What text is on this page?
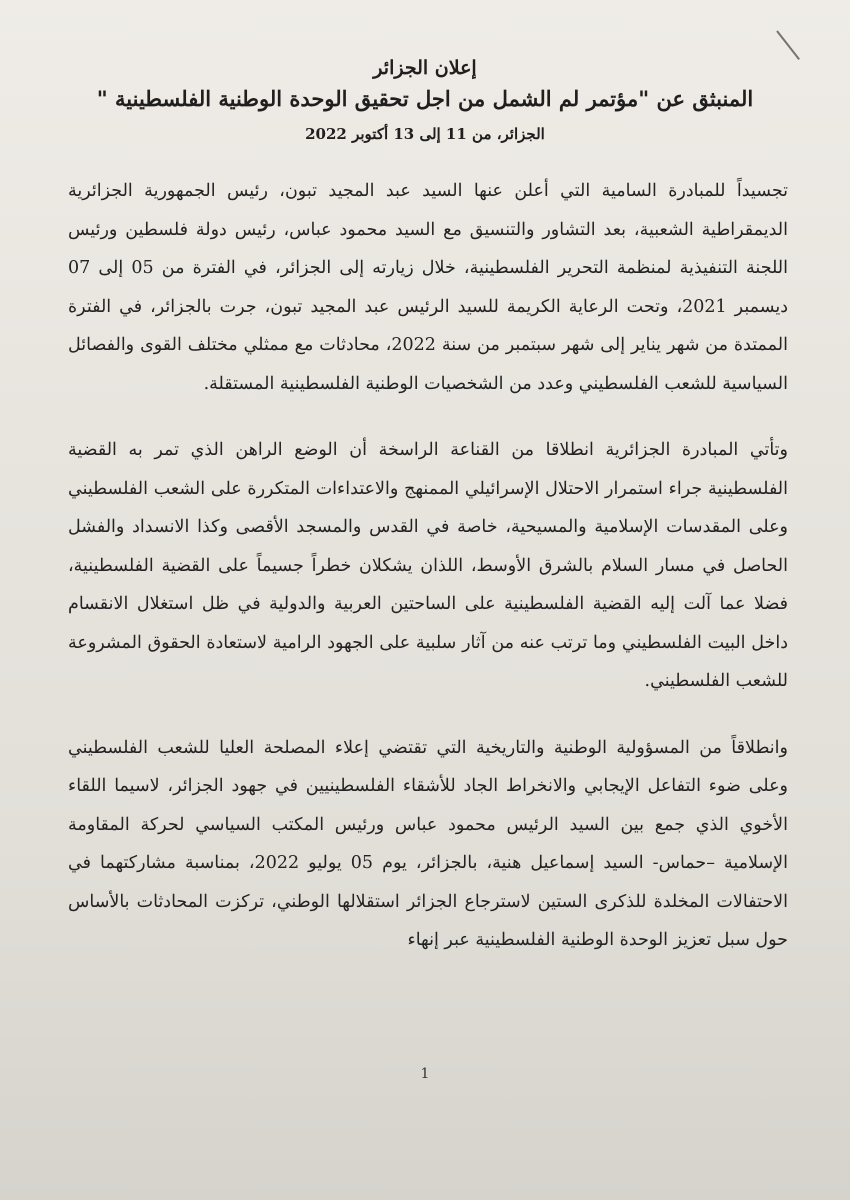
إعلان الجزائر

المنبثق عن "مؤتمر لم الشمل من اجل تحقيق الوحدة الوطنية الفلسطينية "

الجزائر، من 11 إلى 13 أكتوبر 2022

تجسيداً للمبادرة السامية التي أعلن عنها السيد عبد المجيد تبون، رئيس الجمهورية الجزائرية الديمقراطية الشعبية، بعد التشاور والتنسيق مع السيد محمود عباس، رئيس دولة فلسطين ورئيس اللجنة التنفيذية لمنظمة التحرير الفلسطينية، خلال زيارته إلى الجزائر، في الفترة من 05 إلى 07 ديسمبر 2021، وتحت الرعاية الكريمة للسيد الرئيس عبد المجيد تبون، جرت بالجزائر، في الفترة الممتدة من شهر يناير إلى شهر سبتمبر من سنة 2022، محادثات مع ممثلي مختلف القوى والفصائل السياسية للشعب الفلسطيني وعدد من الشخصيات الوطنية الفلسطينية المستقلة.

وتأتي المبادرة الجزائرية انطلاقا من القناعة الراسخة أن الوضع الراهن الذي تمر به القضية الفلسطينية جراء استمرار الاحتلال الإسرائيلي الممنهج والاعتداءات المتكررة على الشعب الفلسطيني وعلى المقدسات الإسلامية والمسيحية، خاصة في القدس والمسجد الأقصى وكذا الانسداد والفشل الحاصل في مسار السلام بالشرق الأوسط، اللذان يشكلان خطراً جسيماً على القضية الفلسطينية، فضلا عما آلت إليه القضية الفلسطينية على الساحتين العربية والدولية في ظل استغلال الانقسام داخل البيت الفلسطيني وما ترتب عنه من آثار سلبية على الجهود الرامية لاستعادة الحقوق المشروعة للشعب الفلسطيني.

وانطلاقاً من المسؤولية الوطنية والتاريخية التي تقتضي إعلاء المصلحة العليا للشعب الفلسطيني وعلى ضوء التفاعل الإيجابي والانخراط الجاد للأشقاء الفلسطينيين في جهود الجزائر، لاسيما اللقاء الأخوي الذي جمع بين السيد الرئيس محمود عباس ورئيس المكتب السياسي لحركة المقاومة الإسلامية –حماس- السيد إسماعيل هنية، بالجزائر، يوم 05 يوليو 2022، بمناسبة مشاركتهما في الاحتفالات المخلدة للذكرى الستين لاسترجاع الجزائر استقلالها الوطني، تركزت المحادثات بالأساس حول سبل تعزيز الوحدة الوطنية الفلسطينية عبر إنهاء

1
